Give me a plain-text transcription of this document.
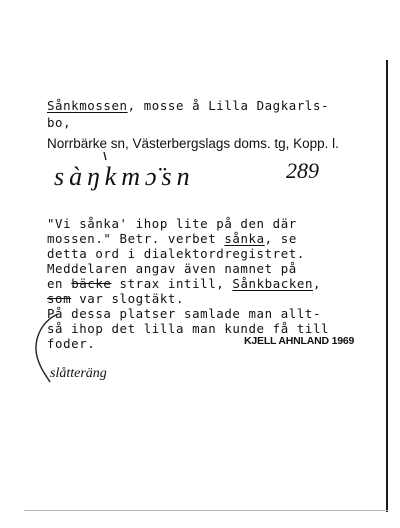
Sånkmossen, mosse å Lilla Dagkarls-
bo,
Norrbärke sn, Västerbergslags doms. tg, Kopp. l.
sàŋkmɔ̈sn	289
"Vi sånka' ihop lite på den där
mossen." Betr. verbet sånka, se
detta ord i dialektordregistret.
Meddelaren angav även namnet på
en bäcke strax intill, Sånkbacken,
som var slogtäkt.
På dessa platser samlade man allt-
så ihop det lilla man kunde få till
foder.	KJELL AHNLAND 1969
slåtteräng
